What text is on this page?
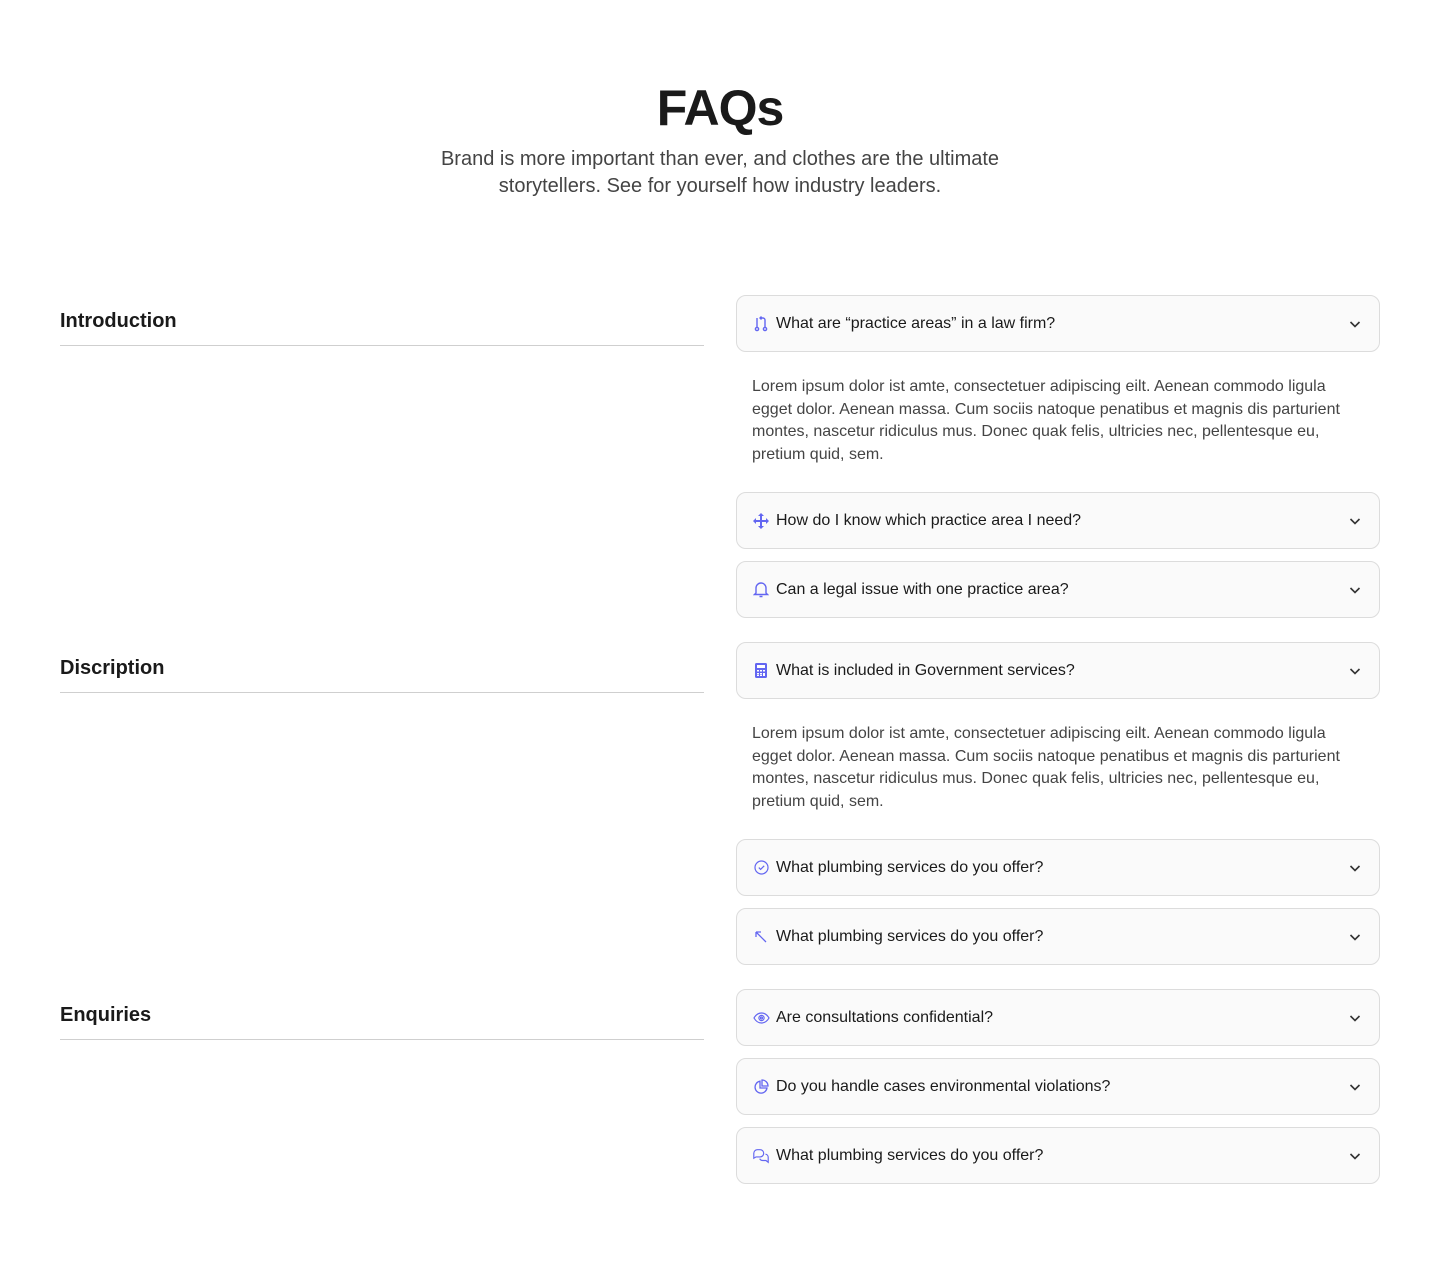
FAQs

Brand is more important than ever, and clothes are the ultimate storytellers. See for yourself how industry leaders.

Introduction	What are “practice areas” in a law firm?
Lorem ipsum dolor ist amte, consectetuer adipiscing eilt. Aenean commodo ligula egget dolor. Aenean massa. Cum sociis natoque penatibus et magnis dis parturient montes, nascetur ridiculus mus. Donec quak felis, ultricies nec, pellentesque eu, pretium quid, sem.
How do I know which practice area I need?
Can a legal issue with one practice area?
Discription	What is included in Government services?
Lorem ipsum dolor ist amte, consectetuer adipiscing eilt. Aenean commodo ligula egget dolor. Aenean massa. Cum sociis natoque penatibus et magnis dis parturient montes, nascetur ridiculus mus. Donec quak felis, ultricies nec, pellentesque eu, pretium quid, sem.
What plumbing services do you offer?
What plumbing services do you offer?
Enquiries	Are consultations confidential?
Do you handle cases environmental violations?
What plumbing services do you offer?
